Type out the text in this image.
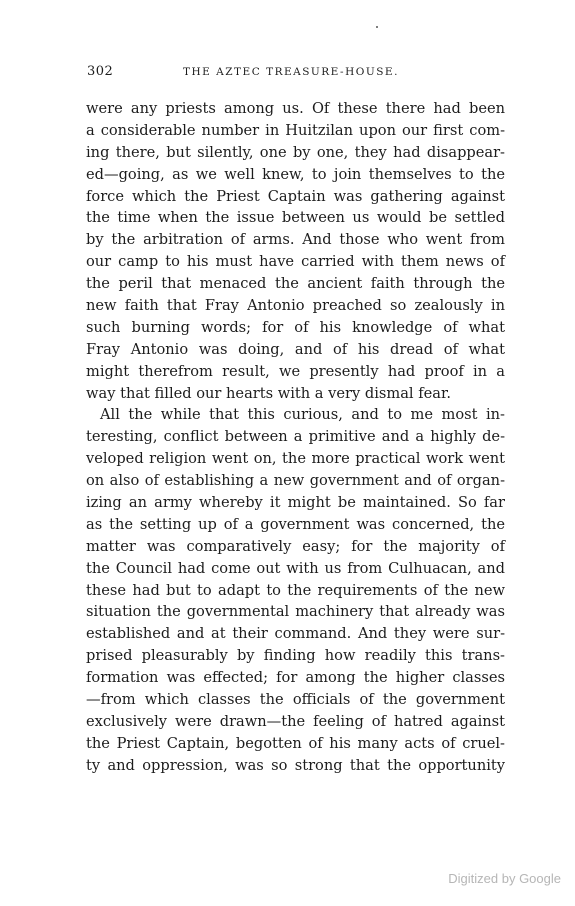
302	THE AZTEC TREASURE-HOUSE.
were any priests among us. Of these there had been
a considerable number in Huitzilan upon our first com-
ing there, but silently, one by one, they had disappear-
ed—going, as we well knew, to join themselves to the
force which the Priest Captain was gathering against
the time when the issue between us would be settled
by the arbitration of arms. And those who went from
our camp to his must have carried with them news of
the peril that menaced the ancient faith through the
new faith that Fray Antonio preached so zealously in
such burning words; for of his knowledge of what
Fray Antonio was doing, and of his dread of what
might therefrom result, we presently had proof in a
way that filled our hearts with a very dismal fear.
All the while that this curious, and to me most in-
teresting, conflict between a primitive and a highly de-
veloped religion went on, the more practical work went
on also of establishing a new government and of organ-
izing an army whereby it might be maintained. So far
as the setting up of a government was concerned, the
matter was comparatively easy; for the majority of
the Council had come out with us from Culhuacan, and
these had but to adapt to the requirements of the new
situation the governmental machinery that already was
established and at their command. And they were sur-
prised pleasurably by finding how readily this trans-
formation was effected; for among the higher classes
—from which classes the officials of the government
exclusively were drawn—the feeling of hatred against
the Priest Captain, begotten of his many acts of cruel-
ty and oppression, was so strong that the opportunity
Digitized by Google
